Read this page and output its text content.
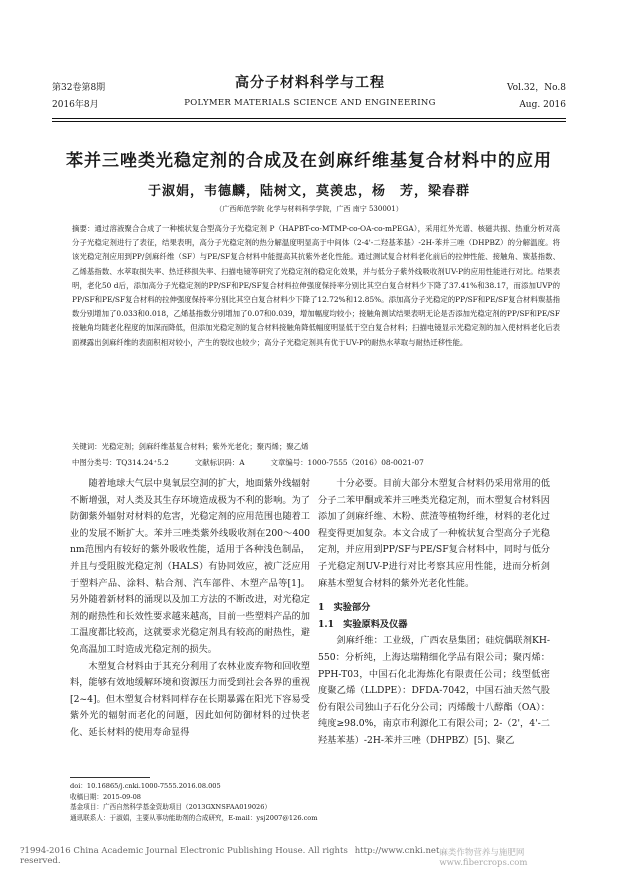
第32卷第8期
2016年8月
高分子材料科学与工程
POLYMER MATERIALS SCIENCE AND ENGINEERING
Vol.32，No.8
Aug. 2016
苯并三唑类光稳定剂的合成及在剑麻纤维基复合材料中的应用
于淑娟，韦德麟，陆树文，莫羡忠，杨　芳，梁春群
（广西师范学院 化学与材料科学学院，广西 南宁 530001）
摘要：通过溶液聚合合成了一种梳状复合型高分子光稳定剂 P（HAPBT-co-MTMP-co-OA-co-mPEGA），采用红外光谱、核磁共振、热重分析对高分子光稳定剂进行了表征，结果表明，高分子光稳定剂的热分解温度明显高于中间体（2-4'-二羟基苯基）-2H-苯并三唑（DHPBZ）的分解温度。将该光稳定剂应用到PP/剑麻纤维（SF）与PE/SF复合材料中能提高其抗紫外老化性能。通过测试复合材料老化前后的拉伸性能、接触角、羰基指数、乙烯基指数、水萃取损失率、热迁移损失率、扫描电镜等研究了光稳定剂的稳定化效果，并与低分子紫外线吸收剂UV-P的应用性能进行对比。结果表明，老化50 d后，添加高分子光稳定剂的PP/SF和PE/SF复合材料拉伸强度保持率分别比其空白复合材料少下降了37.41%和38.17，而添加UVP的PP/SF和PE/SF复合材料的拉伸强度保持率分别比其空白复合材料少下降了12.72%和12.85%。添加高分子光稳定的PP/SF和PE/SF复合材料羰基指数分别增加了0.033和0.018，乙烯基指数分别增加了0.07和0.039，增加幅度均较小；接触角测试结果表明无论是否添加光稳定剂的PP/SF和PE/SF接触角均随老化程度的加深而降低，但添加光稳定剂的复合材料接触角降低幅度明显低于空白复合材料；扫描电镜显示光稳定剂的加入使材料老化后表面裸露出剑麻纤维的表面积相对较小，产生的裂纹也较少；高分子光稳定剂具有优于UV-P的耐热水萃取与耐热迁移性能。
关键词：光稳定剂；剑麻纤维基复合材料；紫外光老化；聚丙烯；聚乙烯
中图分类号：TQ314.24⁺5.2	文献标识码：A	文章编号：1000-7555（2016）08-0021-07

随着地球大气层中臭氧层空洞的扩大，地面紫外线辐射不断增强，对人类及其生存环境造成极为不利的影响。为了防御紫外辐射对材料的危害，光稳定剂的应用范围也随着工业的发展不断扩大。苯并三唑类紫外线吸收剂在200～400 nm范围内有较好的紫外吸收性能，适用于各种浅色制品，并且与受阻胺光稳定剂（HALS）有协同效应，被广泛应用于塑料产品、涂料、粘合剂、汽车部件、木塑产品等[1]。另外随着新材料的涌现以及加工方法的不断改进，对光稳定剂的耐热性和长效性要求越来越高，目前一些塑料产品的加工温度都比较高，这就要求光稳定剂具有较高的耐热性，避免高温加工时造成光稳定剂的损失。

木塑复合材料由于其充分利用了农林业废弃物和回收塑料，能够有效地缓解环境和资源压力而受到社会各界的重视[2~4]。但木塑复合材料同样存在长期暴露在阳光下容易受紫外光的辐射而老化的问题，因此如何防御材料的过快老化、延长材料的使用寿命显得

十分必要。目前大部分木塑复合材料仍采用常用的低分子二苯甲酮或苯并三唑类光稳定剂，而木塑复合材料因添加了剑麻纤维、木粉、蔗渣等植物纤维，材料的老化过程变得更加复杂。本文合成了一种梳状复合型高分子光稳定剂，并应用到PP/SF与PE/SF复合材料中，同时与低分子光稳定剂UV-P进行对比考察其应用性能，进而分析剑麻基木塑复合材料的紫外光老化性能。

1　实验部分
1.1　实验原料及仪器

剑麻纤维：工业级，广西农垦集团；硅烷偶联剂KH-550：分析纯，上海达瑞精细化学品有限公司；聚丙烯：PPH-T03，中国石化北海炼化有限责任公司；线型低密度聚乙烯（LLDPE）：DFDA-7042，中国石油天然气股份有限公司独山子石化分公司；丙烯酸十八醇酯（OA）：纯度≥98.0%，南京市利源化工有限公司；2-（2'，4'-二羟基苯基）-2H-苯并三唑（DHPBZ）[5]、聚乙

doi：10.16865/j.cnki.1000-7555.2016.08.005
收稿日期：2015-09-08
基金项目：广西自然科学基金资助项目（2013GXNSFAA019026）
通讯联系人：于淑娟，主要从事功能助剂的合成研究，E-mail：ysj2007@126.com
?1994-2016 China Academic Journal Electronic Publishing House. All rights reserved.
http://www.cnki.net 麻类作物营养与施肥网 www.fibercrops.com
